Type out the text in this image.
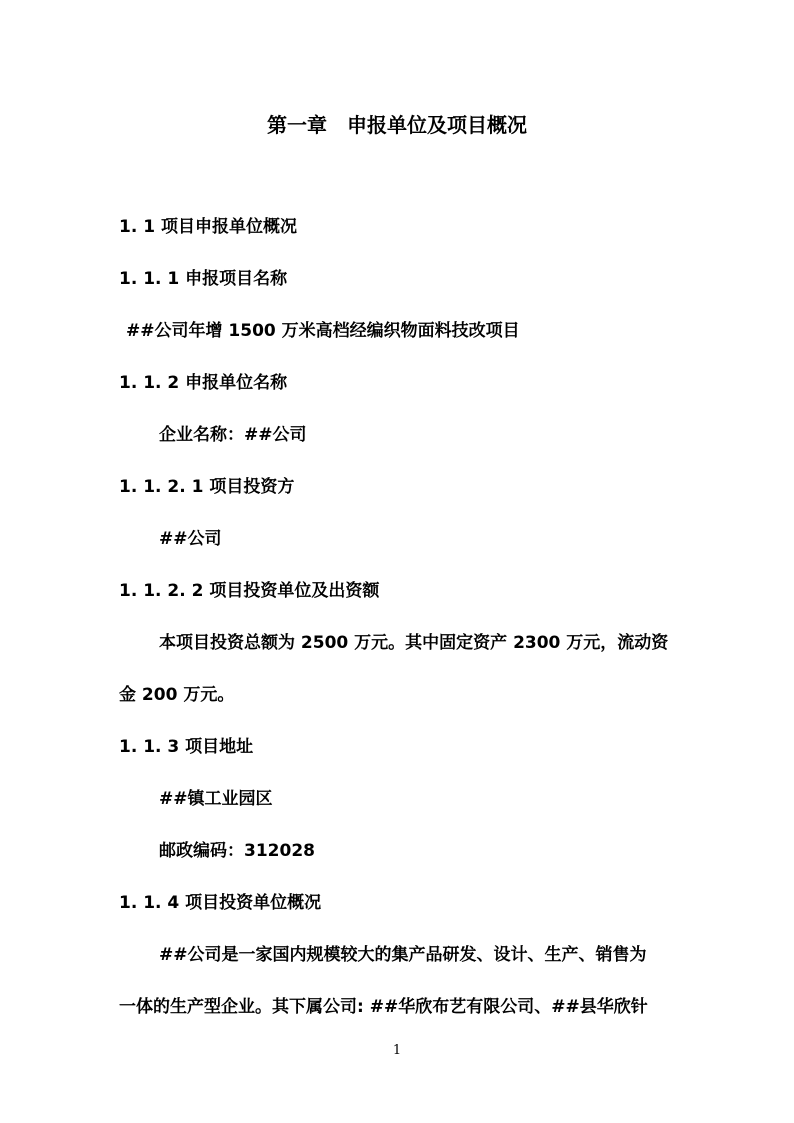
第一章　申报单位及项目概况
1. 1 项目申报单位概况
1. 1. 1 申报项目名称
##公司年增 1500 万米高档经编织物面料技改项目
1. 1. 2 申报单位名称
企业名称：##公司
1. 1. 2. 1 项目投资方
##公司
1. 1. 2. 2 项目投资单位及出资额
本项目投资总额为 2500 万元。其中固定资产 2300 万元，流动资
金 200 万元。
1. 1. 3 项目地址
##镇工业园区
邮政编码：312028
1. 1. 4 项目投资单位概况
##公司是一家国内规模较大的集产品研发、设计、生产、销售为
一体的生产型企业。其下属公司: ##华欣布艺有限公司、##县华欣针
1
